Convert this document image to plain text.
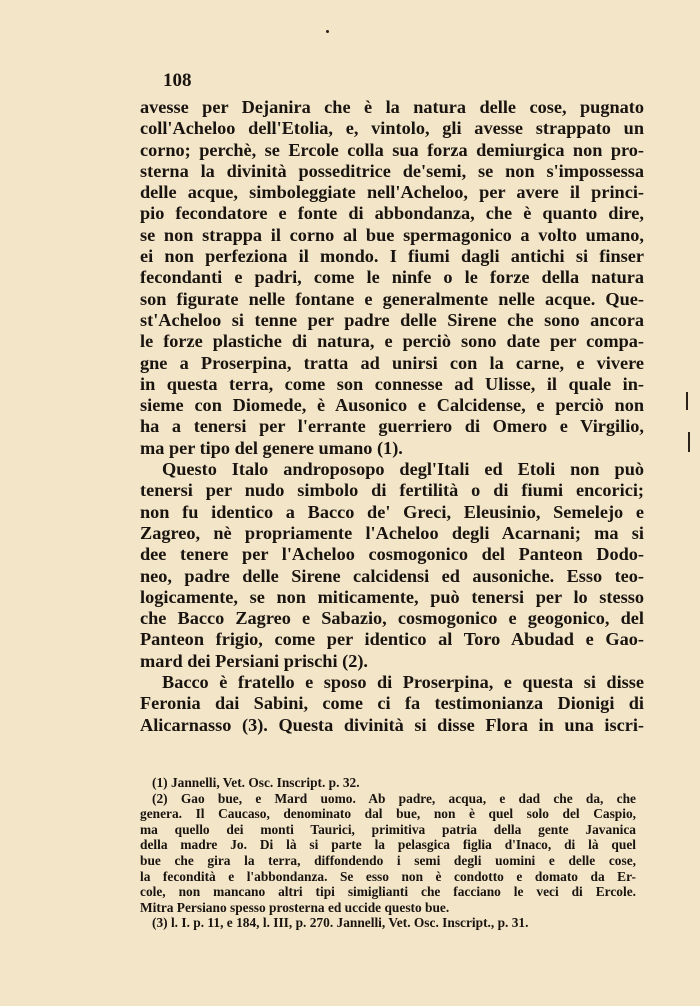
108
avesse per Dejanira che è la natura delle cose, pugnato
coll'Acheloo dell'Etolia, e, vintolo, gli avesse strappato un
corno; perchè, se Ercole colla sua forza demiurgica non pro-
sterna la divinità posseditrice de'semi, se non s'impossessa
delle acque, simboleggiate nell'Acheloo, per avere il princi-
pio fecondatore e fonte di abbondanza, che è quanto dire,
se non strappa il corno al bue spermagonico a volto umano,
ei non perfeziona il mondo. I fiumi dagli antichi si finser
fecondanti e padri, come le ninfe o le forze della natura
son figurate nelle fontane e generalmente nelle acque. Que-
st'Acheloo si tenne per padre delle Sirene che sono ancora
le forze plastiche di natura, e perciò sono date per compa-
gne a Proserpina, tratta ad unirsi con la carne, e vivere
in questa terra, come son connesse ad Ulisse, il quale in-
sieme con Diomede, è Ausonico e Calcidense, e perciò non
ha a tenersi per l'errante guerriero di Omero e Virgilio,
ma per tipo del genere umano (1).
Questo Italo androposopo degl'Itali ed Etoli non può
tenersi per nudo simbolo di fertilità o di fiumi encorici;
non fu identico a Bacco de' Greci, Eleusinio, Semelejo e
Zagreo, nè propriamente l'Acheloo degli Acarnani; ma si
dee tenere per l'Acheloo cosmogonico del Panteon Dodo-
neo, padre delle Sirene calcidensi ed ausoniche. Esso teo-
logicamente, se non miticamente, può tenersi per lo stesso
che Bacco Zagreo e Sabazio, cosmogonico e geogonico, del
Panteon frigio, come per identico al Toro Abudad e Gao-
mard dei Persiani prischi (2).
Bacco è fratello e sposo di Proserpina, e questa si disse
Feronia dai Sabini, come ci fa testimonianza Dionigi di
Alicarnasso (3). Questa divinità si disse Flora in una iscri-
(1) Jannelli, Vet. Osc. Inscript. p. 32.
(2) Gao bue, e Mard uomo. Ab padre, acqua, e dad che da, che
genera. Il Caucaso, denominato dal bue, non è quel solo del Caspio,
ma quello dei monti Taurici, primitiva patria della gente Javanica
della madre Jo. Di là si parte la pelasgica figlia d'Inaco, di là quel
bue che gira la terra, diffondendo i semi degli uomini e delle cose,
la fecondità e l'abbondanza. Se esso non è condotto e domato da Er-
cole, non mancano altri tipi simiglianti che facciano le veci di Ercole.
Mitra Persiano spesso prosterna ed uccide questo bue.
(3) l. I. p. 11, e 184, l. III, p. 270. Jannelli, Vet. Osc. Inscript., p. 31.
